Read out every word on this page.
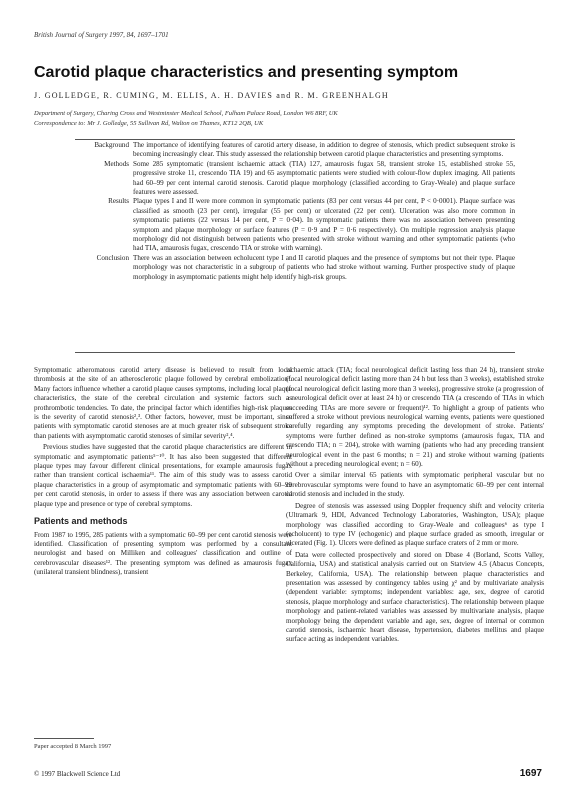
British Journal of Surgery 1997, 84, 1697–1701
Carotid plaque characteristics and presenting symptom
J. GOLLEDGE, R. CUMING, M. ELLIS, A. H. DAVIES and R. M. GREENHALGH
Department of Surgery, Charing Cross and Westminster Medical School, Fulham Palace Road, London W6 8RF, UK
Correspondence to: Mr J. Golledge, 55 Sullivan Rd, Walton on Thames, KT12 2QB, UK
Background The importance of identifying features of carotid artery disease, in addition to degree of stenosis, which predict subsequent stroke is becoming increasingly clear. This study assessed the relationship between carotid plaque characteristics and presenting symptoms.
Methods Some 285 symptomatic (transient ischaemic attack (TIA) 127, amaurosis fugax 58, transient stroke 15, established stroke 55, progressive stroke 11, crescendo TIA 19) and 65 asymptomatic patients were studied with colour-flow duplex imaging. All patients had 60–99 per cent internal carotid stenosis. Carotid plaque morphology (classified according to Gray-Weale) and plaque surface features were assessed.
Results Plaque types I and II were more common in symptomatic patients (83 per cent versus 44 per cent, P < 0·0001). Plaque surface was classified as smooth (23 per cent), irregular (55 per cent) or ulcerated (22 per cent). Ulceration was also more common in symptomatic patients (22 versus 14 per cent, P = 0·04). In symptomatic patients there was no association between presenting symptom and plaque morphology or surface features (P = 0·9 and P = 0·6 respectively). On multiple regression analysis plaque morphology did not distinguish between patients who presented with stroke without warning and other symptomatic patients (who had TIA, amaurosis fugax, crescendo TIA or stroke with warning).
Conclusion There was an association between echolucent type I and II carotid plaques and the presence of symptoms but not their type. Plaque morphology was not characteristic in a subgroup of patients who had stroke without warning. Further prospective study of plaque morphology in asymptomatic patients might help identify high-risk groups.

Symptomatic atheromatous carotid artery disease is believed to result from local thrombosis at the site of an atherosclerotic plaque followed by cerebral embolization¹. Many factors influence whether a carotid plaque causes symptoms, including local plaque characteristics, the state of the cerebral circulation and systemic factors such as prothrombotic tendencies. To date, the principal factor which identifies high-risk plaques is the severity of carotid stenosis²,³. Other factors, however, must be important, since patients with symptomatic carotid stenoses are at much greater risk of subsequent stroke than patients with asymptomatic carotid stenoses of similar severity²,⁴.

Previous studies have suggested that the carotid plaque characteristics are different in symptomatic and asymptomatic patients⁵⁻¹⁰. It has also been suggested that different plaque types may favour different clinical presentations, for example amaurosis fugax rather than transient cortical ischaemia¹¹. The aim of this study was to assess carotid plaque characteristics in a group of asymptomatic and symptomatic patients with 60–99 per cent carotid stenosis, in order to assess if there was any association between carotid plaque type and presence or type of cerebral symptoms.

Patients and methods

From 1987 to 1995, 285 patients with a symptomatic 60–99 per cent carotid stenosis were identified. Classification of presenting symptom was performed by a consultant neurologist and based on Milliken and colleagues' classification and outline of cerebrovascular diseases¹². The presenting symptom was defined as amaurosis fugax (unilateral transient blindness), transient

ischaemic attack (TIA; focal neurological deficit lasting less than 24 h), transient stroke (focal neurological deficit lasting more than 24 h but less than 3 weeks), established stroke (focal neurological deficit lasting more than 3 weeks), progressive stroke (a progression of a neurological deficit over at least 24 h) or crescendo TIA (a crescendo of TIAs in which succeeding TIAs are more severe or frequent)¹². To highlight a group of patients who suffered a stroke without previous neurological warning events, patients were questioned carefully regarding any symptoms preceding the development of stroke. Patients' symptoms were further defined as non-stroke symptoms (amaurosis fugax, TIA and crescendo TIA; n = 204), stroke with warning (patients who had any preceding transient neurological event in the past 6 months; n = 21) and stroke without warning (patients without a preceding neurological event; n = 60).

Over a similar interval 65 patients with symptomatic peripheral vascular but no cerebrovascular symptoms were found to have an asymptomatic 60–99 per cent internal carotid stenosis and included in the study.

Degree of stenosis was assessed using Doppler frequency shift and velocity criteria (Ultramark 9, HDI, Advanced Technology Laboratories, Washington, USA); plaque morphology was classified according to Gray-Weale and colleagues⁶ as type I (echolucent) to type IV (echogenic) and plaque surface graded as smooth, irregular or ulcerated (Fig. 1). Ulcers were defined as plaque surface craters of 2 mm or more.

Data were collected prospectively and stored on Dbase 4 (Borland, Scotts Valley, California, USA) and statistical analysis carried out on Statview 4.5 (Abacus Concepts, Berkeley, California, USA). The relationship between plaque characteristics and presentation was assessed by contingency tables using χ² and by multivariate analysis (dependent variable: symptoms; independent variables: age, sex, degree of carotid stenosis, plaque morphology and surface characteristics). The relationship between plaque morphology and patient-related variables was assessed by multivariate analysis, plaque morphology being the dependent variable and age, sex, degree of internal or common carotid stenosis, ischaemic heart disease, hypertension, diabetes mellitus and plaque surface acting as independent variables.

Paper accepted 8 March 1997
© 1997 Blackwell Science Ltd	1697
